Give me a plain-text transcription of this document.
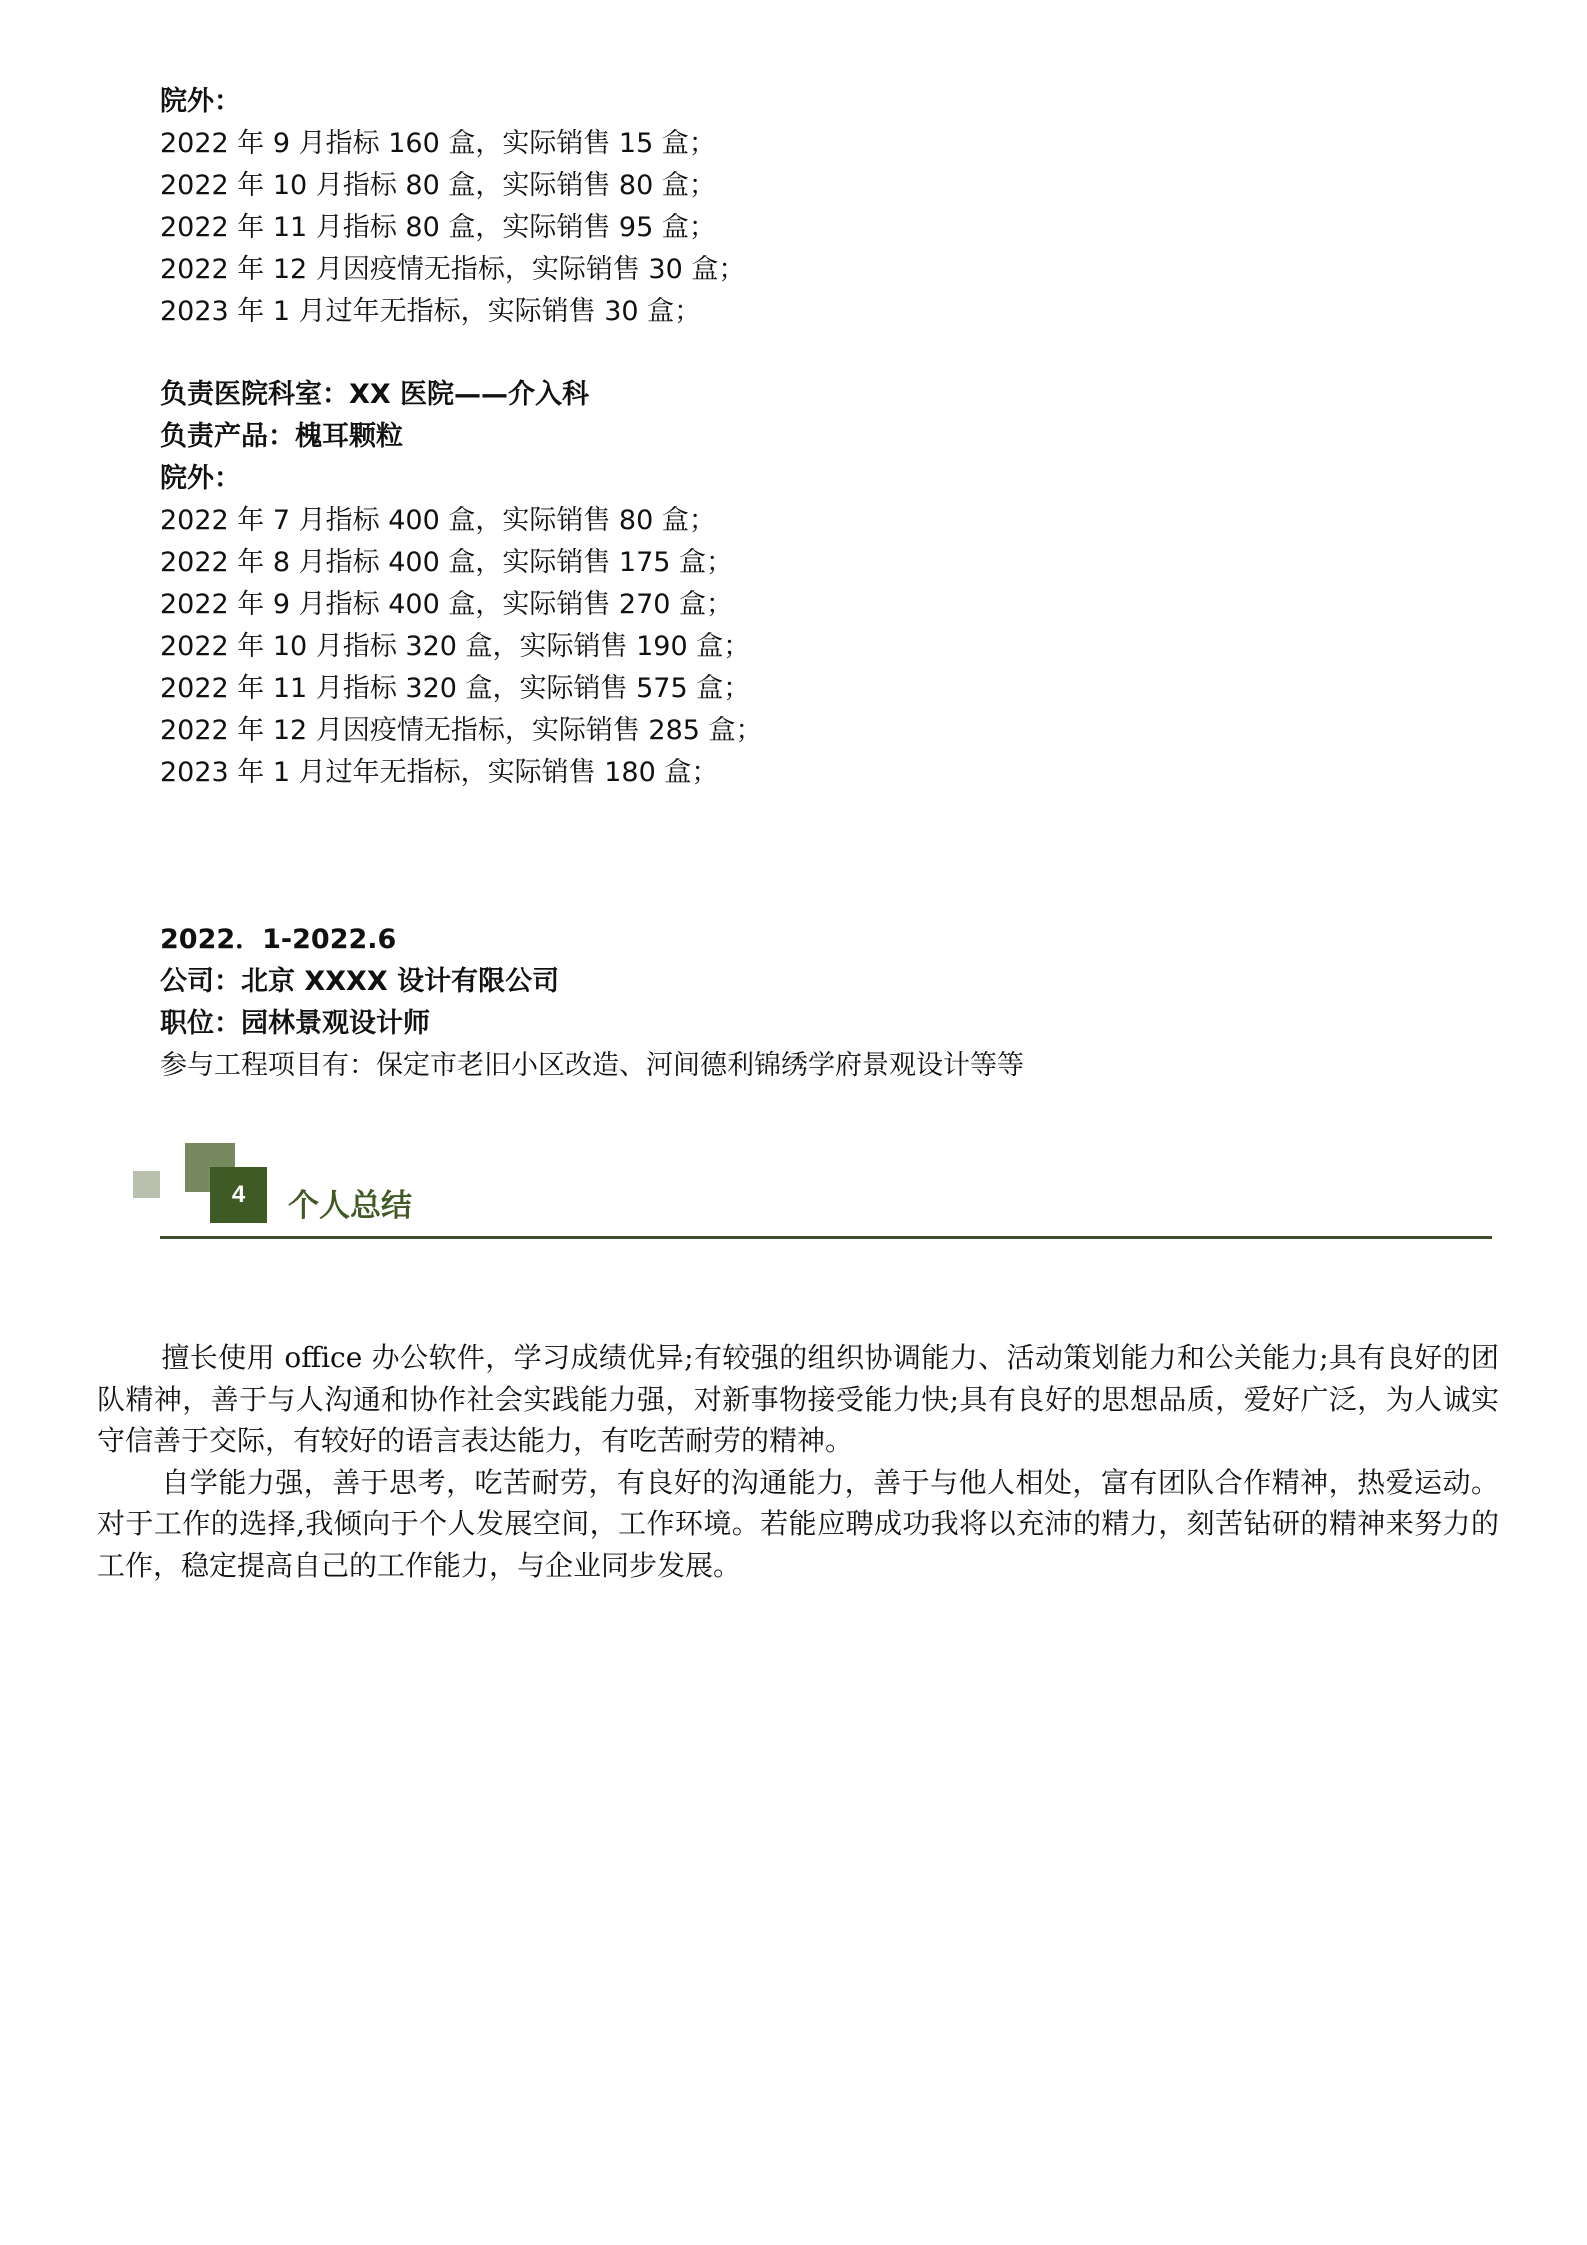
院外：
2022 年 9 月指标 160 盒，实际销售 15 盒；
2022 年 10 月指标 80 盒，实际销售 80 盒；
2022 年 11 月指标 80 盒，实际销售 95 盒；
2022 年 12 月因疫情无指标，实际销售 30 盒；
2023 年 1 月过年无指标，实际销售 30 盒；
负责医院科室：XX 医院——介入科
负责产品：槐耳颗粒
院外：
2022 年 7 月指标 400 盒，实际销售 80 盒；
2022 年 8 月指标 400 盒，实际销售 175 盒；
2022 年 9 月指标 400 盒，实际销售 270 盒；
2022 年 10 月指标 320 盒，实际销售 190 盒；
2022 年 11 月指标 320 盒，实际销售 575 盒；
2022 年 12 月因疫情无指标，实际销售 285 盒；
2023 年 1 月过年无指标，实际销售 180 盒；
2022．1-2022.6
公司：北京 XXXX 设计有限公司
职位：园林景观设计师
参与工程项目有：保定市老旧小区改造、河间德利锦绣学府景观设计等等
4 个人总结

擅长使用 office 办公软件，学习成绩优异;有较强的组织协调能力、活动策划能力和公关能力;具有良好的团队精神，善于与人沟通和协作社会实践能力强，对新事物接受能力快;具有良好的思想品质，爱好广泛，为人诚实守信善于交际，有较好的语言表达能力，有吃苦耐劳的精神。

自学能力强，善于思考，吃苦耐劳，有良好的沟通能力，善于与他人相处，富有团队合作精神，热爱运动。对于工作的选择,我倾向于个人发展空间，工作环境。若能应聘成功我将以充沛的精力，刻苦钻研的精神来努力的工作，稳定提高自己的工作能力，与企业同步发展。
